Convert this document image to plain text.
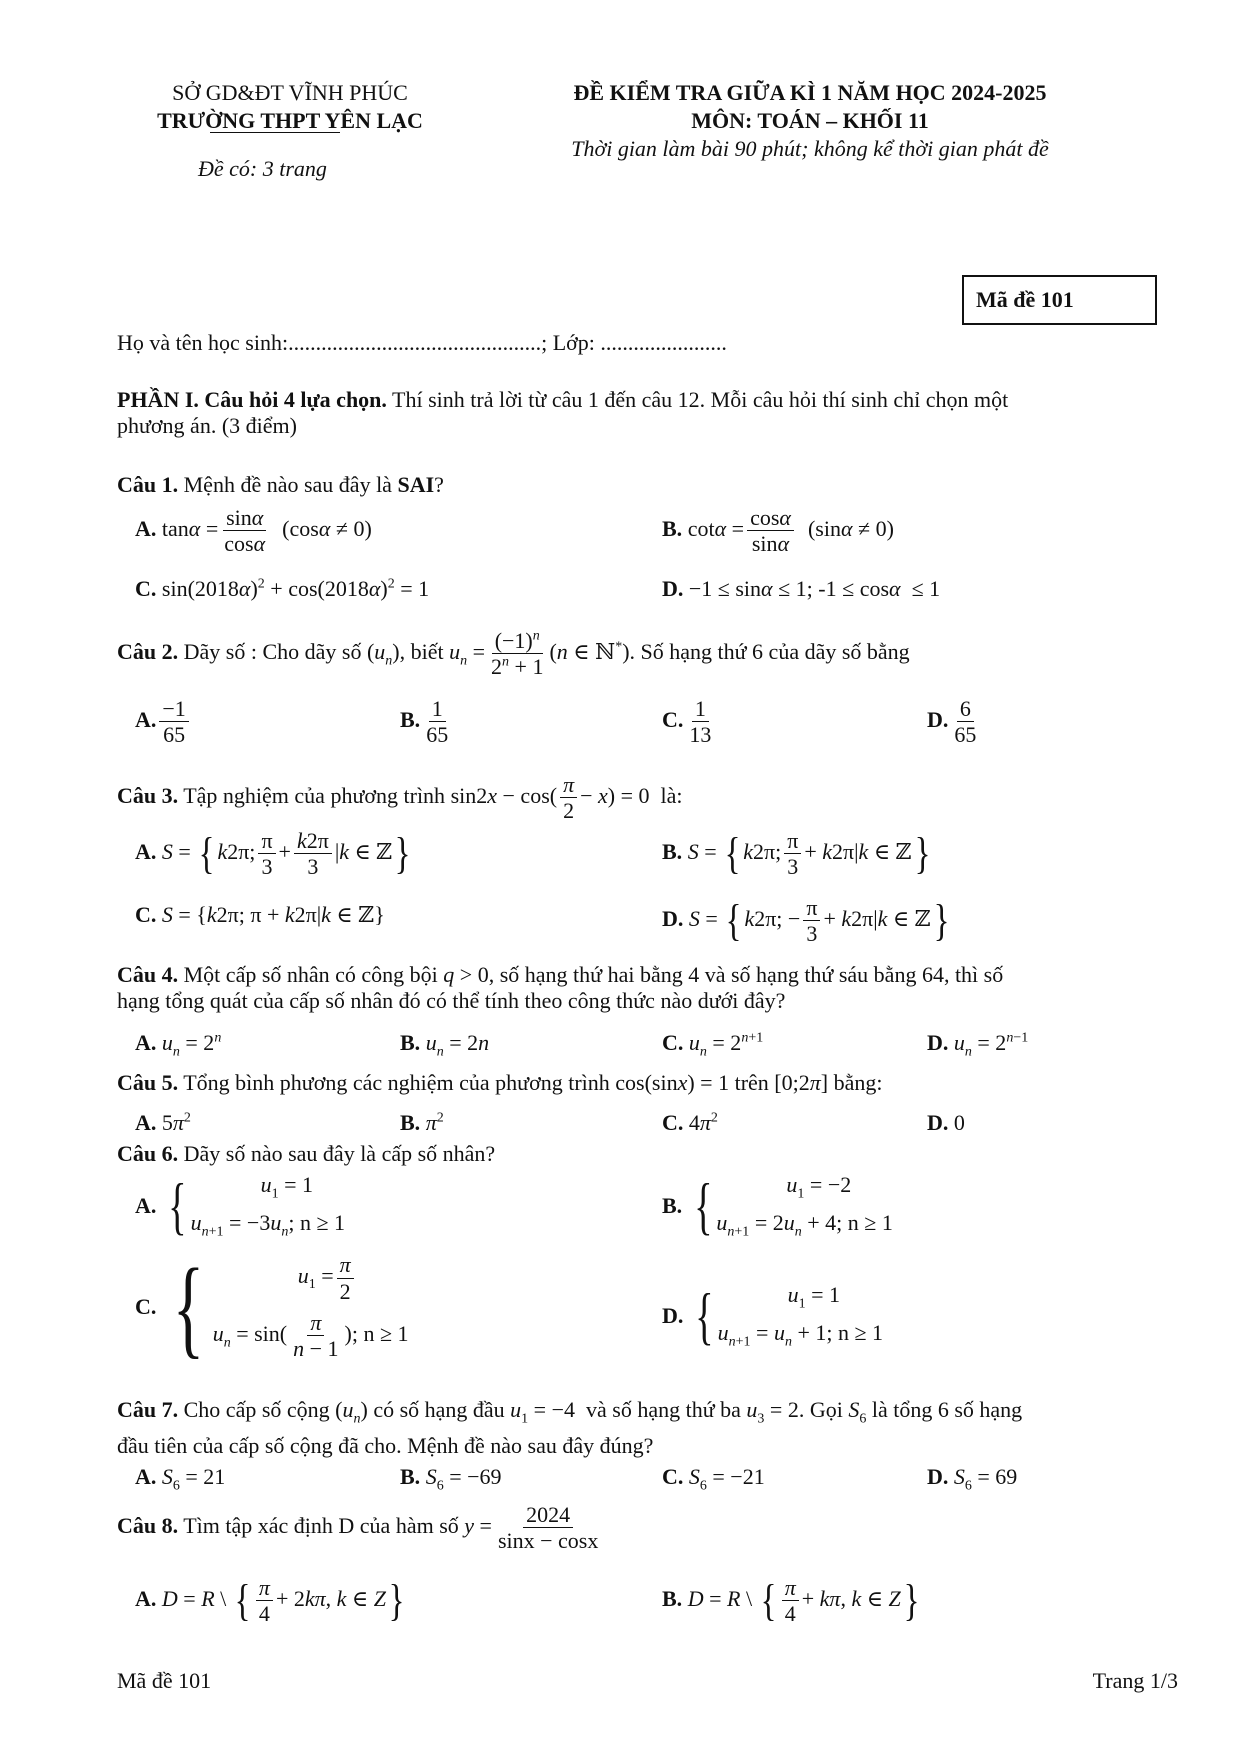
SỞ GD&ĐT VĨNH PHÚC
TRƯỜNG THPT YÊN LẠC
Đề có: 3 trang
ĐỀ KIỂM TRA GIỮA KÌ 1 NĂM HỌC 2024-2025
MÔN: TOÁN – KHỐI 11
Thời gian làm bài 90 phút; không kể thời gian phát đề
Mã đề 101
Họ và tên học sinh:..............................................; Lớp: .......................
PHẦN I. Câu hỏi 4 lựa chọn. Thí sinh trả lời từ câu 1 đến câu 12. Mỗi câu hỏi thí sinh chỉ chọn một
phương án. (3 điểm)
Câu 1. Mệnh đề nào sau đây là SAI?
A. $\tan\alpha = \frac{\sin\alpha}{\cos\alpha} (\cos\alpha \ne 0)$	B. $\cot\alpha = \frac{\cos\alpha}{\sin\alpha} (\sin\alpha \ne 0)$
C. $\sin(2018\alpha)^2 + \cos(2018\alpha)^2 = 1$	D. −1 ≤ sinα ≤ 1; -1 ≤ cosα  ≤ 1
Câu 2. Dãy số : Cho dãy số $(u_n)$, biết $u_n = \frac{(-1)^n}{2^n + 1} (n$ ∈ ℕ*). Số hạng thứ 6 của dãy số bằng
A. $\frac{-1}{65}$	B. $\frac{1}{65}$	C. $\frac{1}{13}$	D. $\frac{6}{65}$
Câu 3. Tập nghiệm của phương trình $\sin 2x - \cos( \frac{\pi}{2} - x) = 0$  là:
A. S = { k2π; $\frac{\pi}{3} + \frac{k2\pi}{3} |k$ ∈ ℤ}	B. S = { k2π; $\frac{\pi}{3} + k2\pi|k$ ∈ ℤ}
C. S = {k2π; π + k2π|k ∈ ℤ}	D. S = { k2π; − $\frac{\pi}{3} + k2\pi|k$ ∈ ℤ}
Câu 4. Một cấp số nhân có công bội q > 0, số hạng thứ hai bằng 4 và số hạng thứ sáu bằng 64, thì số
hạng tổng quát của cấp số nhân đó có thể tính theo công thức nào dưới đây?
A. $u_n = 2^n$	B. $u_n = 2n$	C. $u_n = 2^{n+1}$	D. $u_n = 2^{n-1}$
Câu 5. Tổng bình phương các nghiệm của phương trình cos(sinx) = 1 trên [0;2π] bằng:
A. $5\pi^2$	B. $\pi^2$	C. $4\pi^2$	D. 0
Câu 6. Dãy số nào sau đây là cấp số nhân?
A.
{	$u_1 = 1$
$u_{n+1} = -3u_n$; n ≥ 1
B.
{	$u_1 = -2$
$u_{n+1} = 2u_n + 4$; n ≥ 1
C.
{	$u_1 = \frac{\pi}{2}$
$u_n = \sin( \frac{\pi}{n - 1}$ ); n ≥ 1
D.
{	$u_1 = 1$
$u_{n+1} = u_n + 1$; n ≥ 1
Câu 7. Cho cấp số cộng $(u_n)$ có số hạng đầu $u_1 = -4$  và số hạng thứ ba $u_3 = 2$. Gọi $S_6$ là tổng 6 số hạng
đầu tiên của cấp số cộng đã cho. Mệnh đề nào sau đây đúng?
A. $S_6 = 21$	B. $S_6 = -69$	C. $S_6 = -21$	D. $S_6 = 69$
Câu 8. Tìm tập xác định D của hàm số $y = \frac{2024}{\sin x - \cos x}$
A. D = R \ { $\frac{\pi}{4} + 2k\pi$, k ∈ Z}	B. D = R \ { $\frac{\pi}{4} + k\pi$, k ∈ Z}
Mã đề 101	Trang 1/3
